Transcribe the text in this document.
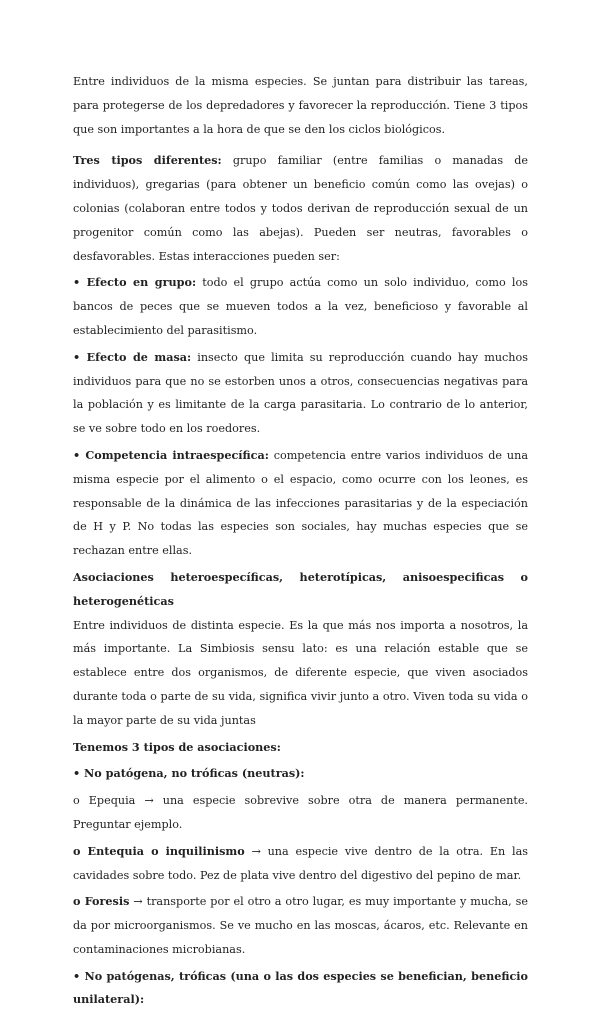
Entre individuos de la misma especies. Se juntan para distribuir las tareas, para protegerse de los depredadores y favorecer la reproducción. Tiene 3 tipos que son importantes a la hora de que se den los ciclos biológicos.

Tres tipos diferentes: grupo familiar (entre familias o manadas de individuos), gregarias (para obtener un beneficio común como las ovejas) o colonias (colaboran entre todos y todos derivan de reproducción sexual de un progenitor común como las abejas). Pueden ser neutras, favorables o desfavorables. Estas interacciones pueden ser:

• Efecto en grupo: todo el grupo actúa como un solo individuo, como los bancos de peces que se mueven todos a la vez, beneficioso y favorable al establecimiento del parasitismo.

• Efecto de masa: insecto que limita su reproducción cuando hay muchos individuos para que no se estorben unos a otros, consecuencias negativas para la población y es limitante de la carga parasitaria. Lo contrario de lo anterior, se ve sobre todo en los roedores.

• Competencia intraespecífica: competencia entre varios individuos de una misma especie por el alimento o el espacio, como ocurre con los leones, es responsable de la dinámica de las infecciones parasitarias y de la especiación de H y P. No todas las especies son sociales, hay muchas especies que se rechazan entre ellas.

Asociaciones heteroespecíficas, heterotípicas, anisoespecificas o heterogenéticas

Entre individuos de distinta especie. Es la que más nos importa a nosotros, la más importante. La Simbiosis sensu lato: es una relación estable que se establece entre dos organismos, de diferente especie, que viven asociados durante toda o parte de su vida, significa vivir junto a otro. Viven toda su vida o la mayor parte de su vida juntas

Tenemos 3 tipos de asociaciones:

• No patógena, no tróficas (neutras):

o Epequia → una especie sobrevive sobre otra de manera permanente. Preguntar ejemplo.

o Entequia o inquilinismo → una especie vive dentro de la otra. En las cavidades sobre todo. Pez de plata vive dentro del digestivo del pepino de mar.

o Foresis → transporte por el otro a otro lugar, es muy importante y mucha, se da por microorganismos. Se ve mucho en las moscas, ácaros, etc. Relevante en contaminaciones microbianas.

• No patógenas, tróficas (una o las dos especies se benefician, beneficio unilateral):
